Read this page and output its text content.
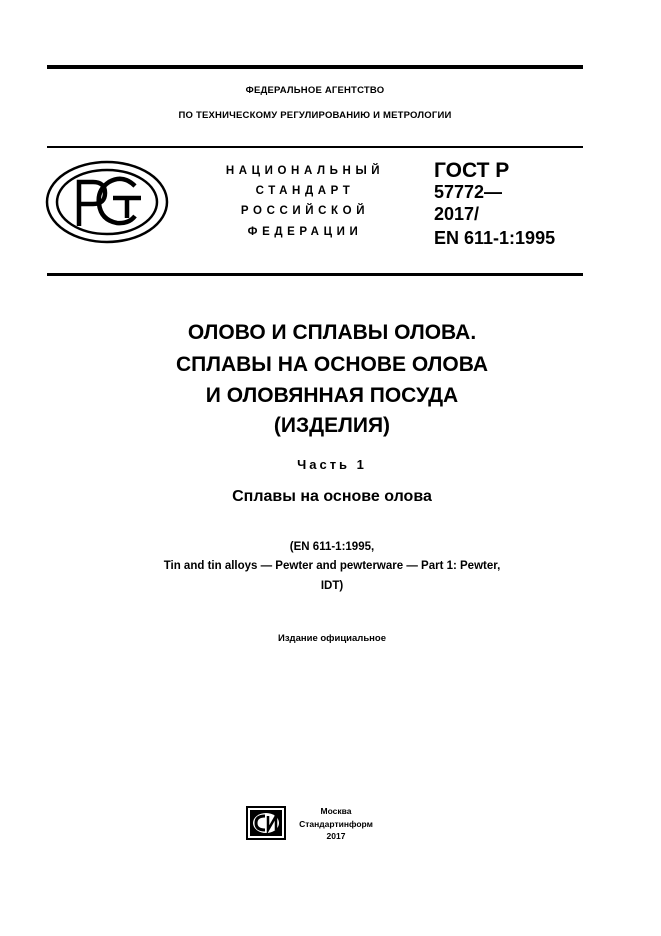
ФЕДЕРАЛЬНОЕ АГЕНТСТВО
ПО ТЕХНИЧЕСКОМУ РЕГУЛИРОВАНИЮ И МЕТРОЛОГИИ
НАЦИОНАЛЬНЫЙ
СТАНДАРТ
РОССИЙСКОЙ
ФЕДЕРАЦИИ
ГОСТ Р
57772—
2017/
EN 611-1:1995
ОЛОВО И СПЛАВЫ ОЛОВА.
СПЛАВЫ НА ОСНОВЕ ОЛОВА
И ОЛОВЯННАЯ ПОСУДА
(ИЗДЕЛИЯ)
Часть 1
Сплавы на основе олова
(EN 611-1:1995,
Tin and tin alloys — Pewter and pewterware — Part 1: Pewter,
IDT)
Издание официальное
Москва
Стандартинформ
2017
